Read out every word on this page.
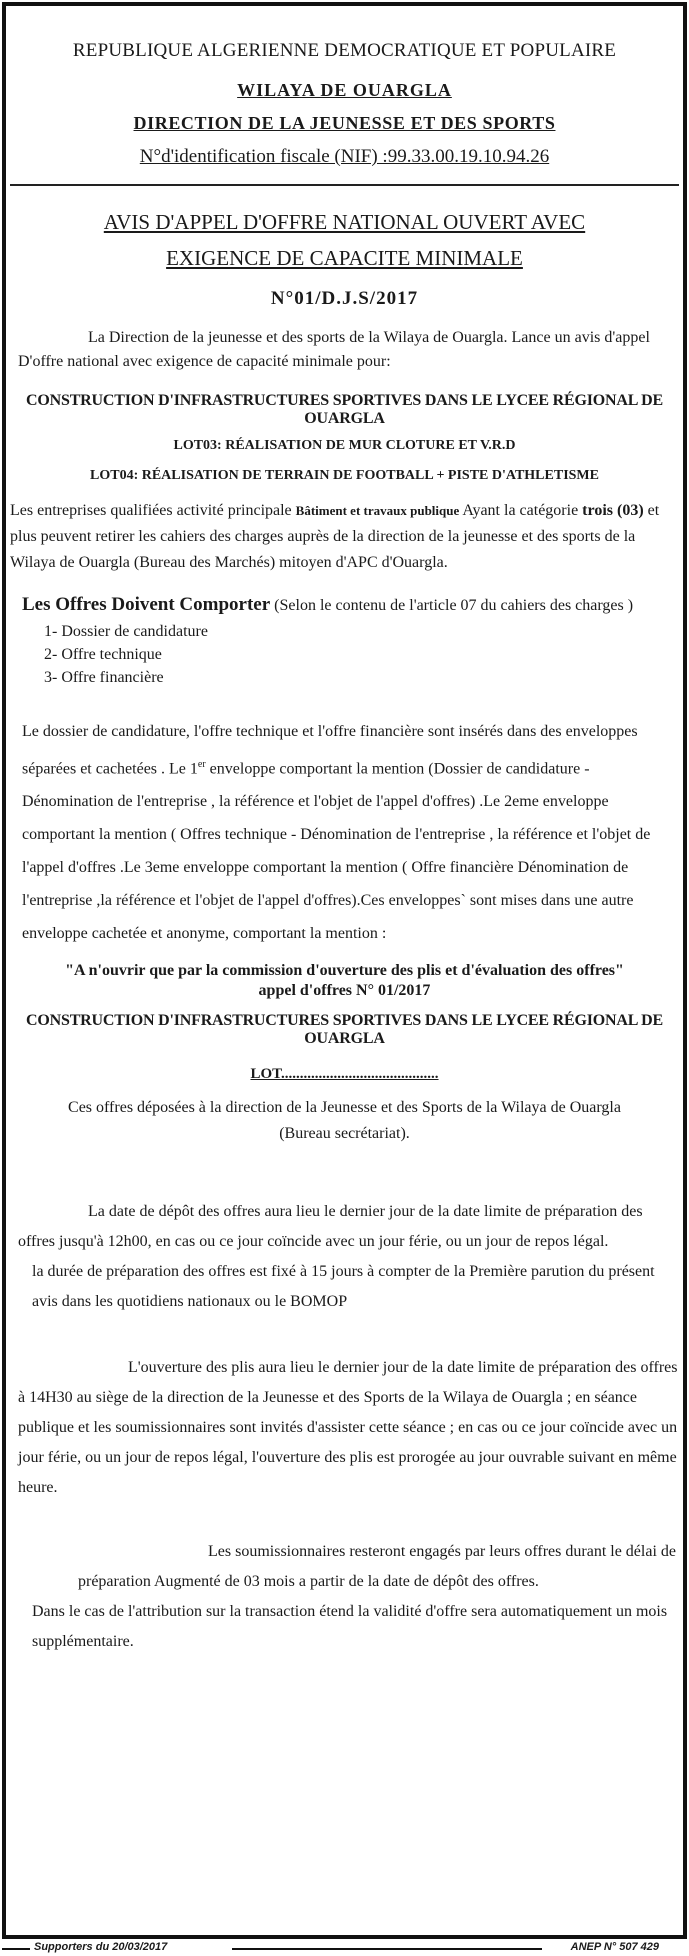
REPUBLIQUE ALGERIENNE DEMOCRATIQUE ET POPULAIRE
WILAYA DE OUARGLA
DIRECTION DE LA JEUNESSE ET DES SPORTS
N°d'identification fiscale (NIF) :99.33.00.19.10.94.26
AVIS D'APPEL D'OFFRE NATIONAL OUVERT AVEC EXIGENCE DE CAPACITE MINIMALE
N°01/D.J.S/2017

La Direction de la jeunesse et des sports de la Wilaya de Ouargla. Lance un avis d'appel D'offre national avec exigence de capacité minimale pour:

CONSTRUCTION D'INFRASTRUCTURES SPORTIVES DANS LE LYCEE RÉGIONAL DE OUARGLA
LOT03: RÉALISATION DE MUR CLOTURE ET V.R.D
LOT04: RÉALISATION DE TERRAIN DE FOOTBALL + PISTE D'ATHLETISME

Les entreprises qualifiées activité principale Bâtiment et travaux publique Ayant la catégorie trois (03) et plus peuvent retirer les cahiers des charges auprès de la direction de la jeunesse et des sports de la Wilaya de Ouargla (Bureau des Marchés) mitoyen d'APC d'Ouargla.

Les Offres Doivent Comporter (Selon le contenu de l'article 07 du cahiers des charges )
1- Dossier de candidature
2- Offre technique
3- Offre financière

Le dossier de candidature, l'offre technique et l'offre financière sont insérés dans des enveloppes séparées et cachetées . Le 1er enveloppe comportant la mention (Dossier de candidature - Dénomination de l'entreprise , la référence et l'objet de l'appel d'offres) .Le 2eme enveloppe comportant la mention ( Offres technique - Dénomination de l'entreprise , la référence et l'objet de l'appel d'offres .Le 3eme enveloppe comportant la mention ( Offre financière Dénomination de l'entreprise ,la référence et l'objet de l'appel d'offres).Ces enveloppes` sont mises dans une autre enveloppe cachetée et anonyme, comportant la mention :

"A n'ouvrir que par la commission d'ouverture des plis et d'évaluation des offres"
appel d'offres N° 01/2017
CONSTRUCTION D'INFRASTRUCTURES SPORTIVES DANS LE LYCEE RÉGIONAL DE OUARGLA
LOT..........................................

Ces offres déposées à la direction de la Jeunesse et des Sports de la Wilaya de Ouargla (Bureau secrétariat).

La date de dépôt des offres aura lieu le dernier jour de la date limite de préparation des offres jusqu'à 12h00, en cas ou ce jour coïncide avec un jour férie, ou un jour de repos légal.

la durée de préparation des offres est fixé à 15 jours à compter de la Première parution du présent avis dans les quotidiens nationaux ou le BOMOP

L'ouverture des plis aura lieu le dernier jour de la date limite de préparation des offres à 14H30 au siège de la direction de la Jeunesse et des Sports de la Wilaya de Ouargla ; en séance publique et les soumissionnaires sont invités d'assister cette séance ; en cas ou ce jour coïncide avec un jour férie, ou un jour de repos légal, l'ouverture des plis est prorogée au jour ouvrable suivant en même heure.

Les soumissionnaires resteront engagés par leurs offres durant le délai de préparation Augmenté de 03 mois a partir de la date de dépôt des offres.

Dans le cas de l'attribution sur la transaction étend la validité d'offre sera automatiquement un mois supplémentaire.

Supporters du 20/03/2017	ANEP N° 507 429
